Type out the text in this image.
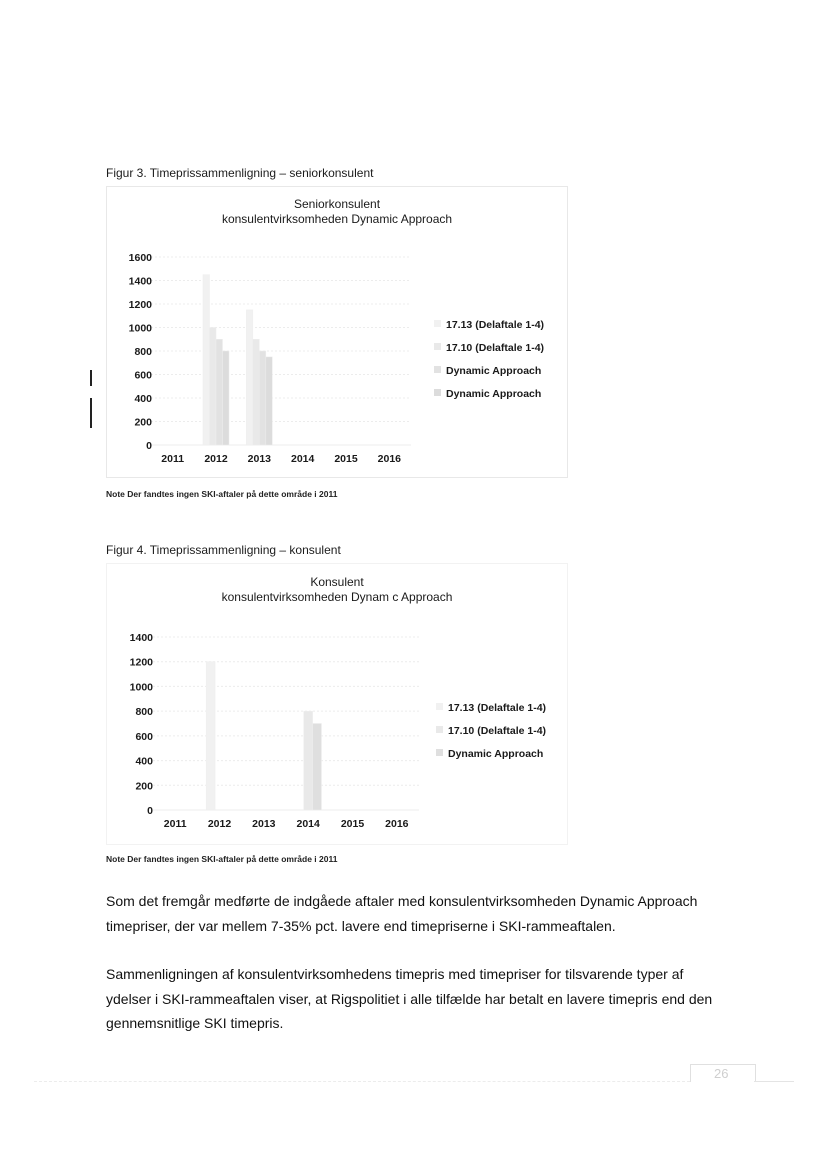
Figur 3. Timeprissammenligning – seniorkonsulent
Seniorkonsulent
konsulentvirksomheden Dynamic Approach
1600
1400
1200
1000
800
600
400
200
0
2011 2012 2013 2014 2015 2016
17.13 (Delaftale 1-4)
17.10 (Delaftale 1-4)
Dynamic Approach
Dynamic Approach
Note Der fandtes ingen SKI-aftaler på dette område i 2011
Figur 4. Timeprissammenligning – konsulent
Konsulent
konsulentvirksomheden Dynam c Approach
1400
1200
1000
800
600
400
200
0
2011 2012 2013 2014 2015 2016
17.13 (Delaftale 1-4)
17.10 (Delaftale 1-4)
Dynamic Approach
Note Der fandtes ingen SKI-aftaler på dette område i 2011
Som det fremgår medførte de indgåede aftaler med konsulentvirksomheden Dynamic Approach timepriser, der var mellem 7-35% pct. lavere end timepriserne i SKI-rammeaftalen.
Sammenligningen af konsulentvirksomhedens timepris med timepriser for tilsvarende typer af ydelser i SKI-rammeaftalen viser, at Rigspolitiet i alle tilfælde har betalt en lavere timepris end den gennemsnitlige SKI timepris.
26
